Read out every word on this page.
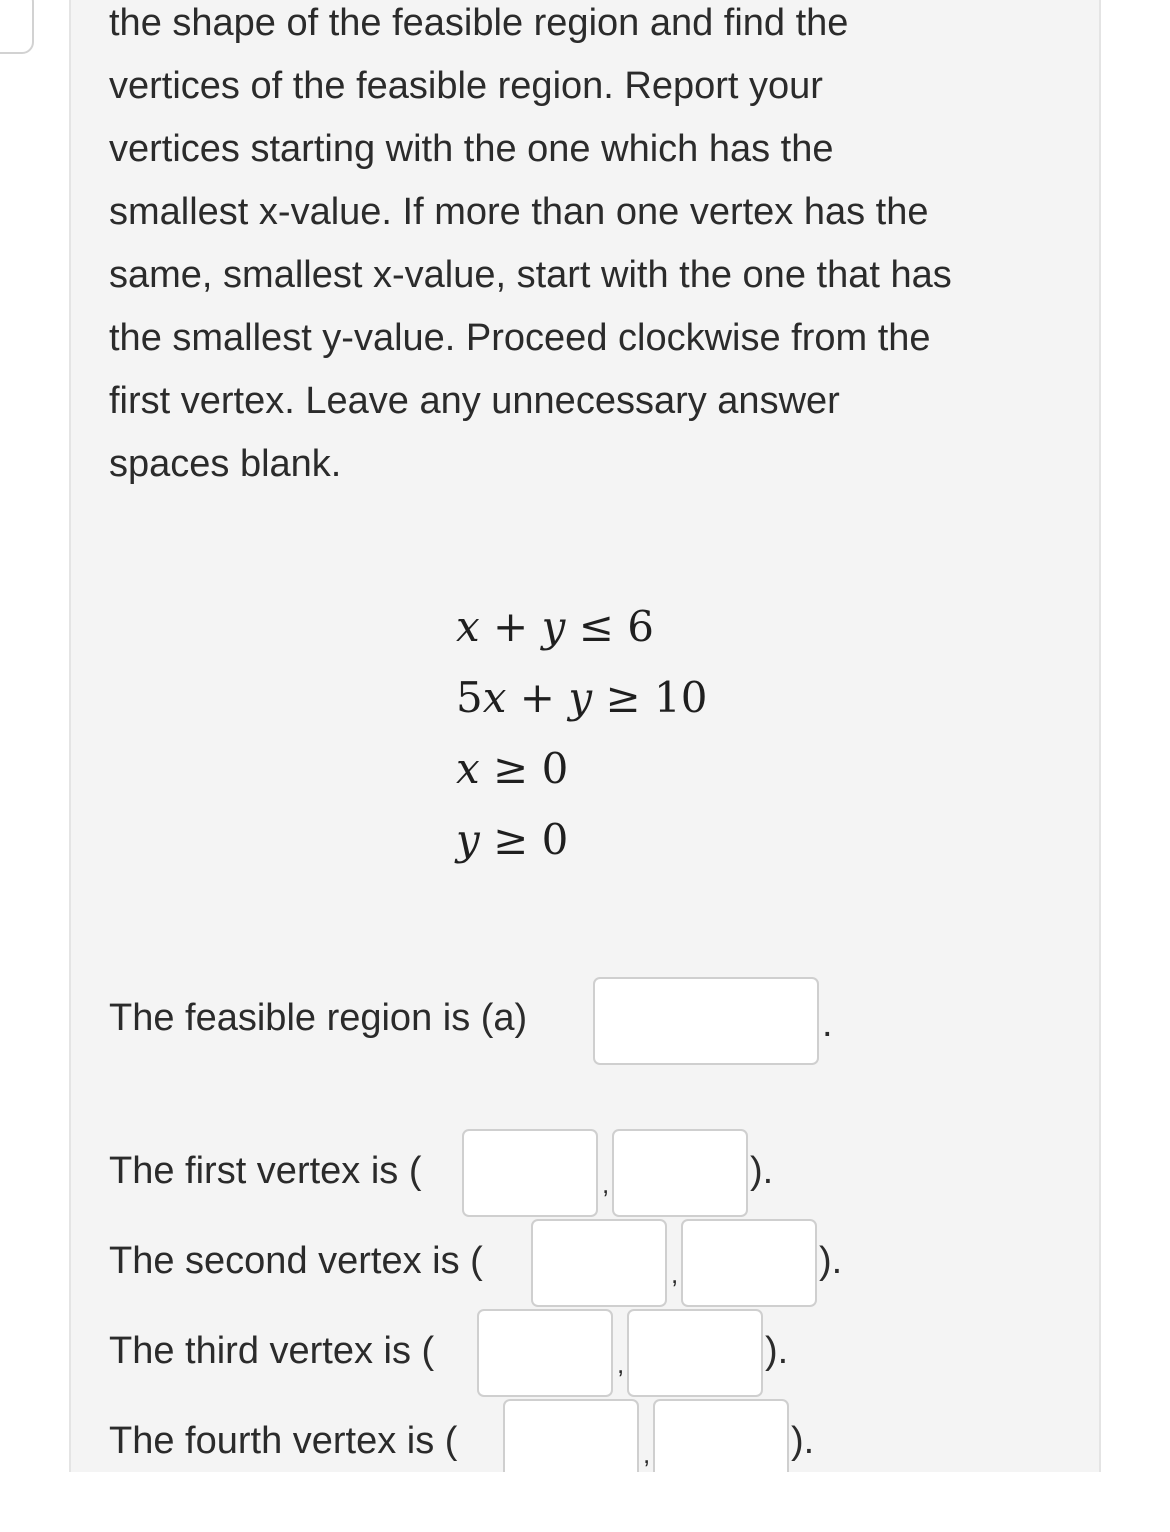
the shape of the feasible region and find the
vertices of the feasible region. Report your
vertices starting with the one which has the
smallest x-value. If more than one vertex has the
same, smallest x-value, start with the one that has
the smallest y-value. Proceed clockwise from the
first vertex. Leave any unnecessary answer
spaces blank.
x + y ≤ 6
5x + y ≥ 10
x ≥ 0
y ≥ 0
The feasible region is (a)	.
The first vertex is (	,	).
The second vertex is (	,	).
The third vertex is (	,	).
The fourth vertex is (	,	).
